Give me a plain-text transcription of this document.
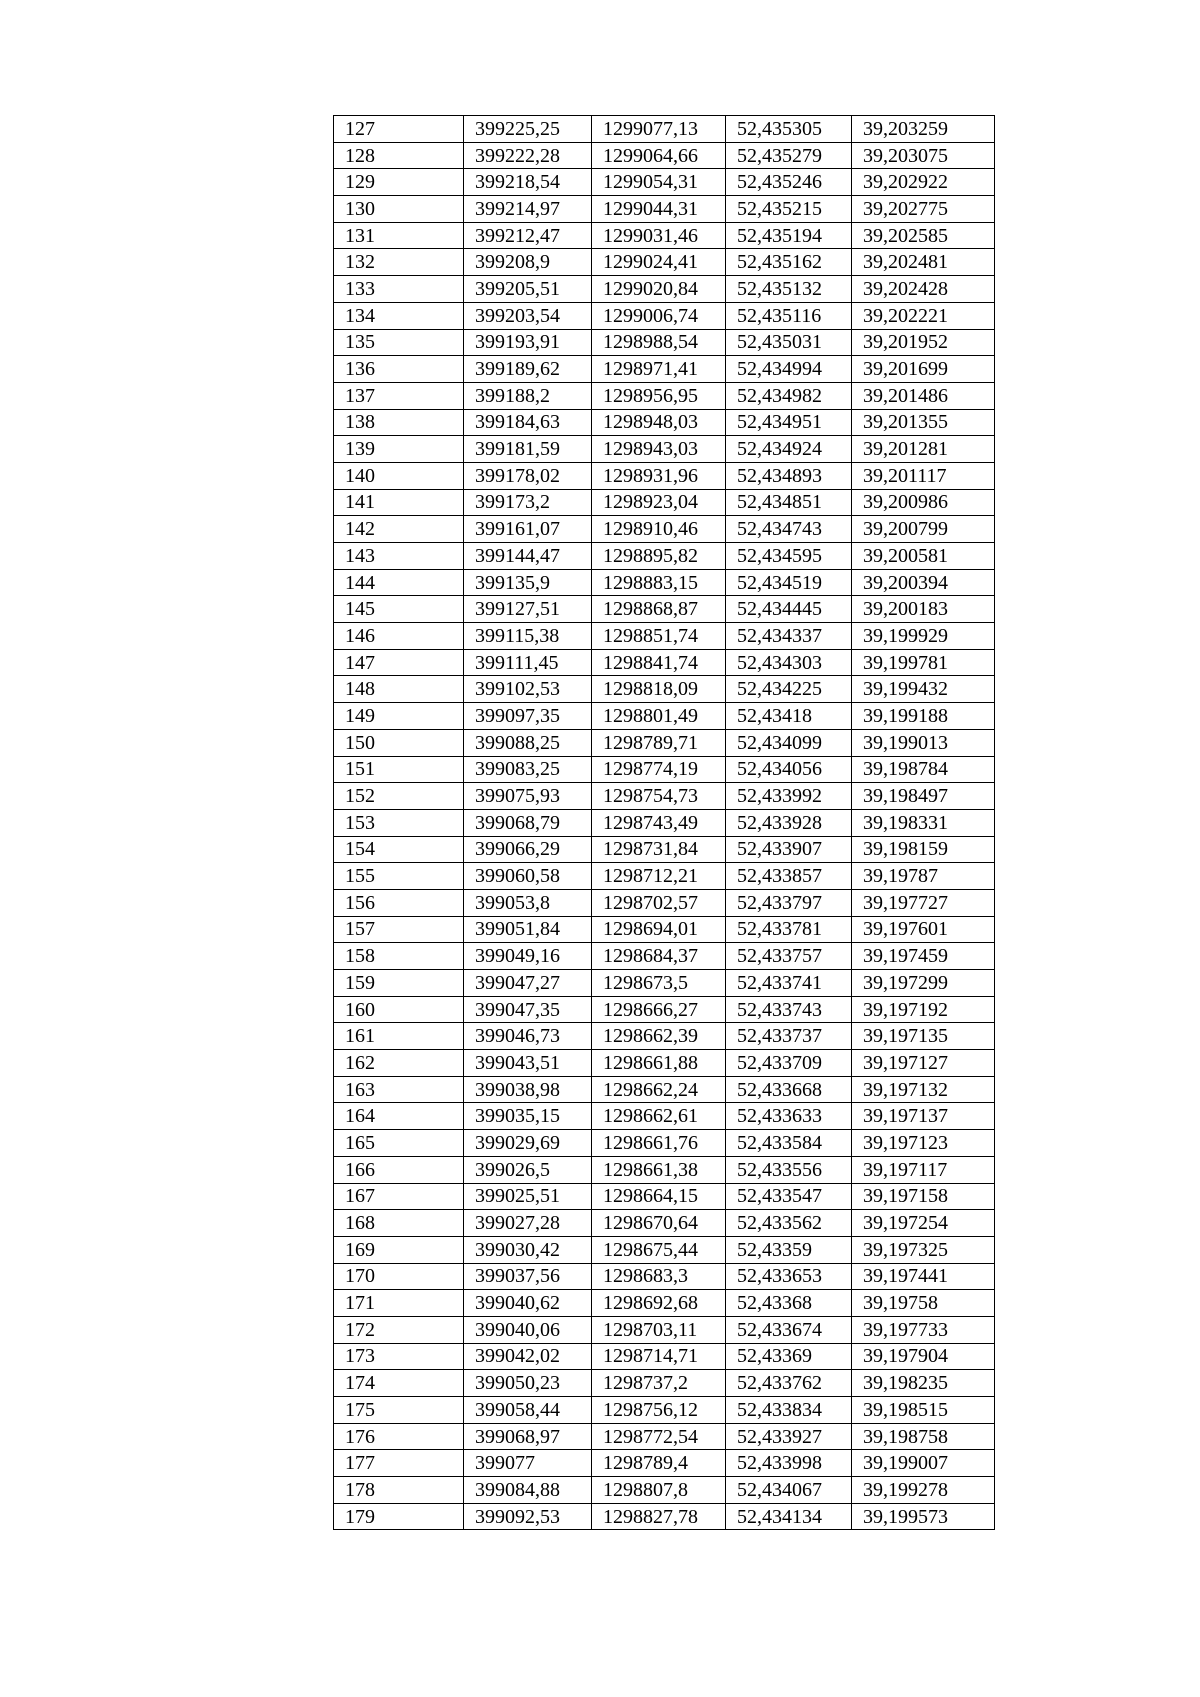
127	399225,25	1299077,13	52,435305	39,203259
128	399222,28	1299064,66	52,435279	39,203075
129	399218,54	1299054,31	52,435246	39,202922
130	399214,97	1299044,31	52,435215	39,202775
131	399212,47	1299031,46	52,435194	39,202585
132	399208,9	1299024,41	52,435162	39,202481
133	399205,51	1299020,84	52,435132	39,202428
134	399203,54	1299006,74	52,435116	39,202221
135	399193,91	1298988,54	52,435031	39,201952
136	399189,62	1298971,41	52,434994	39,201699
137	399188,2	1298956,95	52,434982	39,201486
138	399184,63	1298948,03	52,434951	39,201355
139	399181,59	1298943,03	52,434924	39,201281
140	399178,02	1298931,96	52,434893	39,201117
141	399173,2	1298923,04	52,434851	39,200986
142	399161,07	1298910,46	52,434743	39,200799
143	399144,47	1298895,82	52,434595	39,200581
144	399135,9	1298883,15	52,434519	39,200394
145	399127,51	1298868,87	52,434445	39,200183
146	399115,38	1298851,74	52,434337	39,199929
147	399111,45	1298841,74	52,434303	39,199781
148	399102,53	1298818,09	52,434225	39,199432
149	399097,35	1298801,49	52,43418	39,199188
150	399088,25	1298789,71	52,434099	39,199013
151	399083,25	1298774,19	52,434056	39,198784
152	399075,93	1298754,73	52,433992	39,198497
153	399068,79	1298743,49	52,433928	39,198331
154	399066,29	1298731,84	52,433907	39,198159
155	399060,58	1298712,21	52,433857	39,19787
156	399053,8	1298702,57	52,433797	39,197727
157	399051,84	1298694,01	52,433781	39,197601
158	399049,16	1298684,37	52,433757	39,197459
159	399047,27	1298673,5	52,433741	39,197299
160	399047,35	1298666,27	52,433743	39,197192
161	399046,73	1298662,39	52,433737	39,197135
162	399043,51	1298661,88	52,433709	39,197127
163	399038,98	1298662,24	52,433668	39,197132
164	399035,15	1298662,61	52,433633	39,197137
165	399029,69	1298661,76	52,433584	39,197123
166	399026,5	1298661,38	52,433556	39,197117
167	399025,51	1298664,15	52,433547	39,197158
168	399027,28	1298670,64	52,433562	39,197254
169	399030,42	1298675,44	52,43359	39,197325
170	399037,56	1298683,3	52,433653	39,197441
171	399040,62	1298692,68	52,43368	39,19758
172	399040,06	1298703,11	52,433674	39,197733
173	399042,02	1298714,71	52,43369	39,197904
174	399050,23	1298737,2	52,433762	39,198235
175	399058,44	1298756,12	52,433834	39,198515
176	399068,97	1298772,54	52,433927	39,198758
177	399077	1298789,4	52,433998	39,199007
178	399084,88	1298807,8	52,434067	39,199278
179	399092,53	1298827,78	52,434134	39,199573
